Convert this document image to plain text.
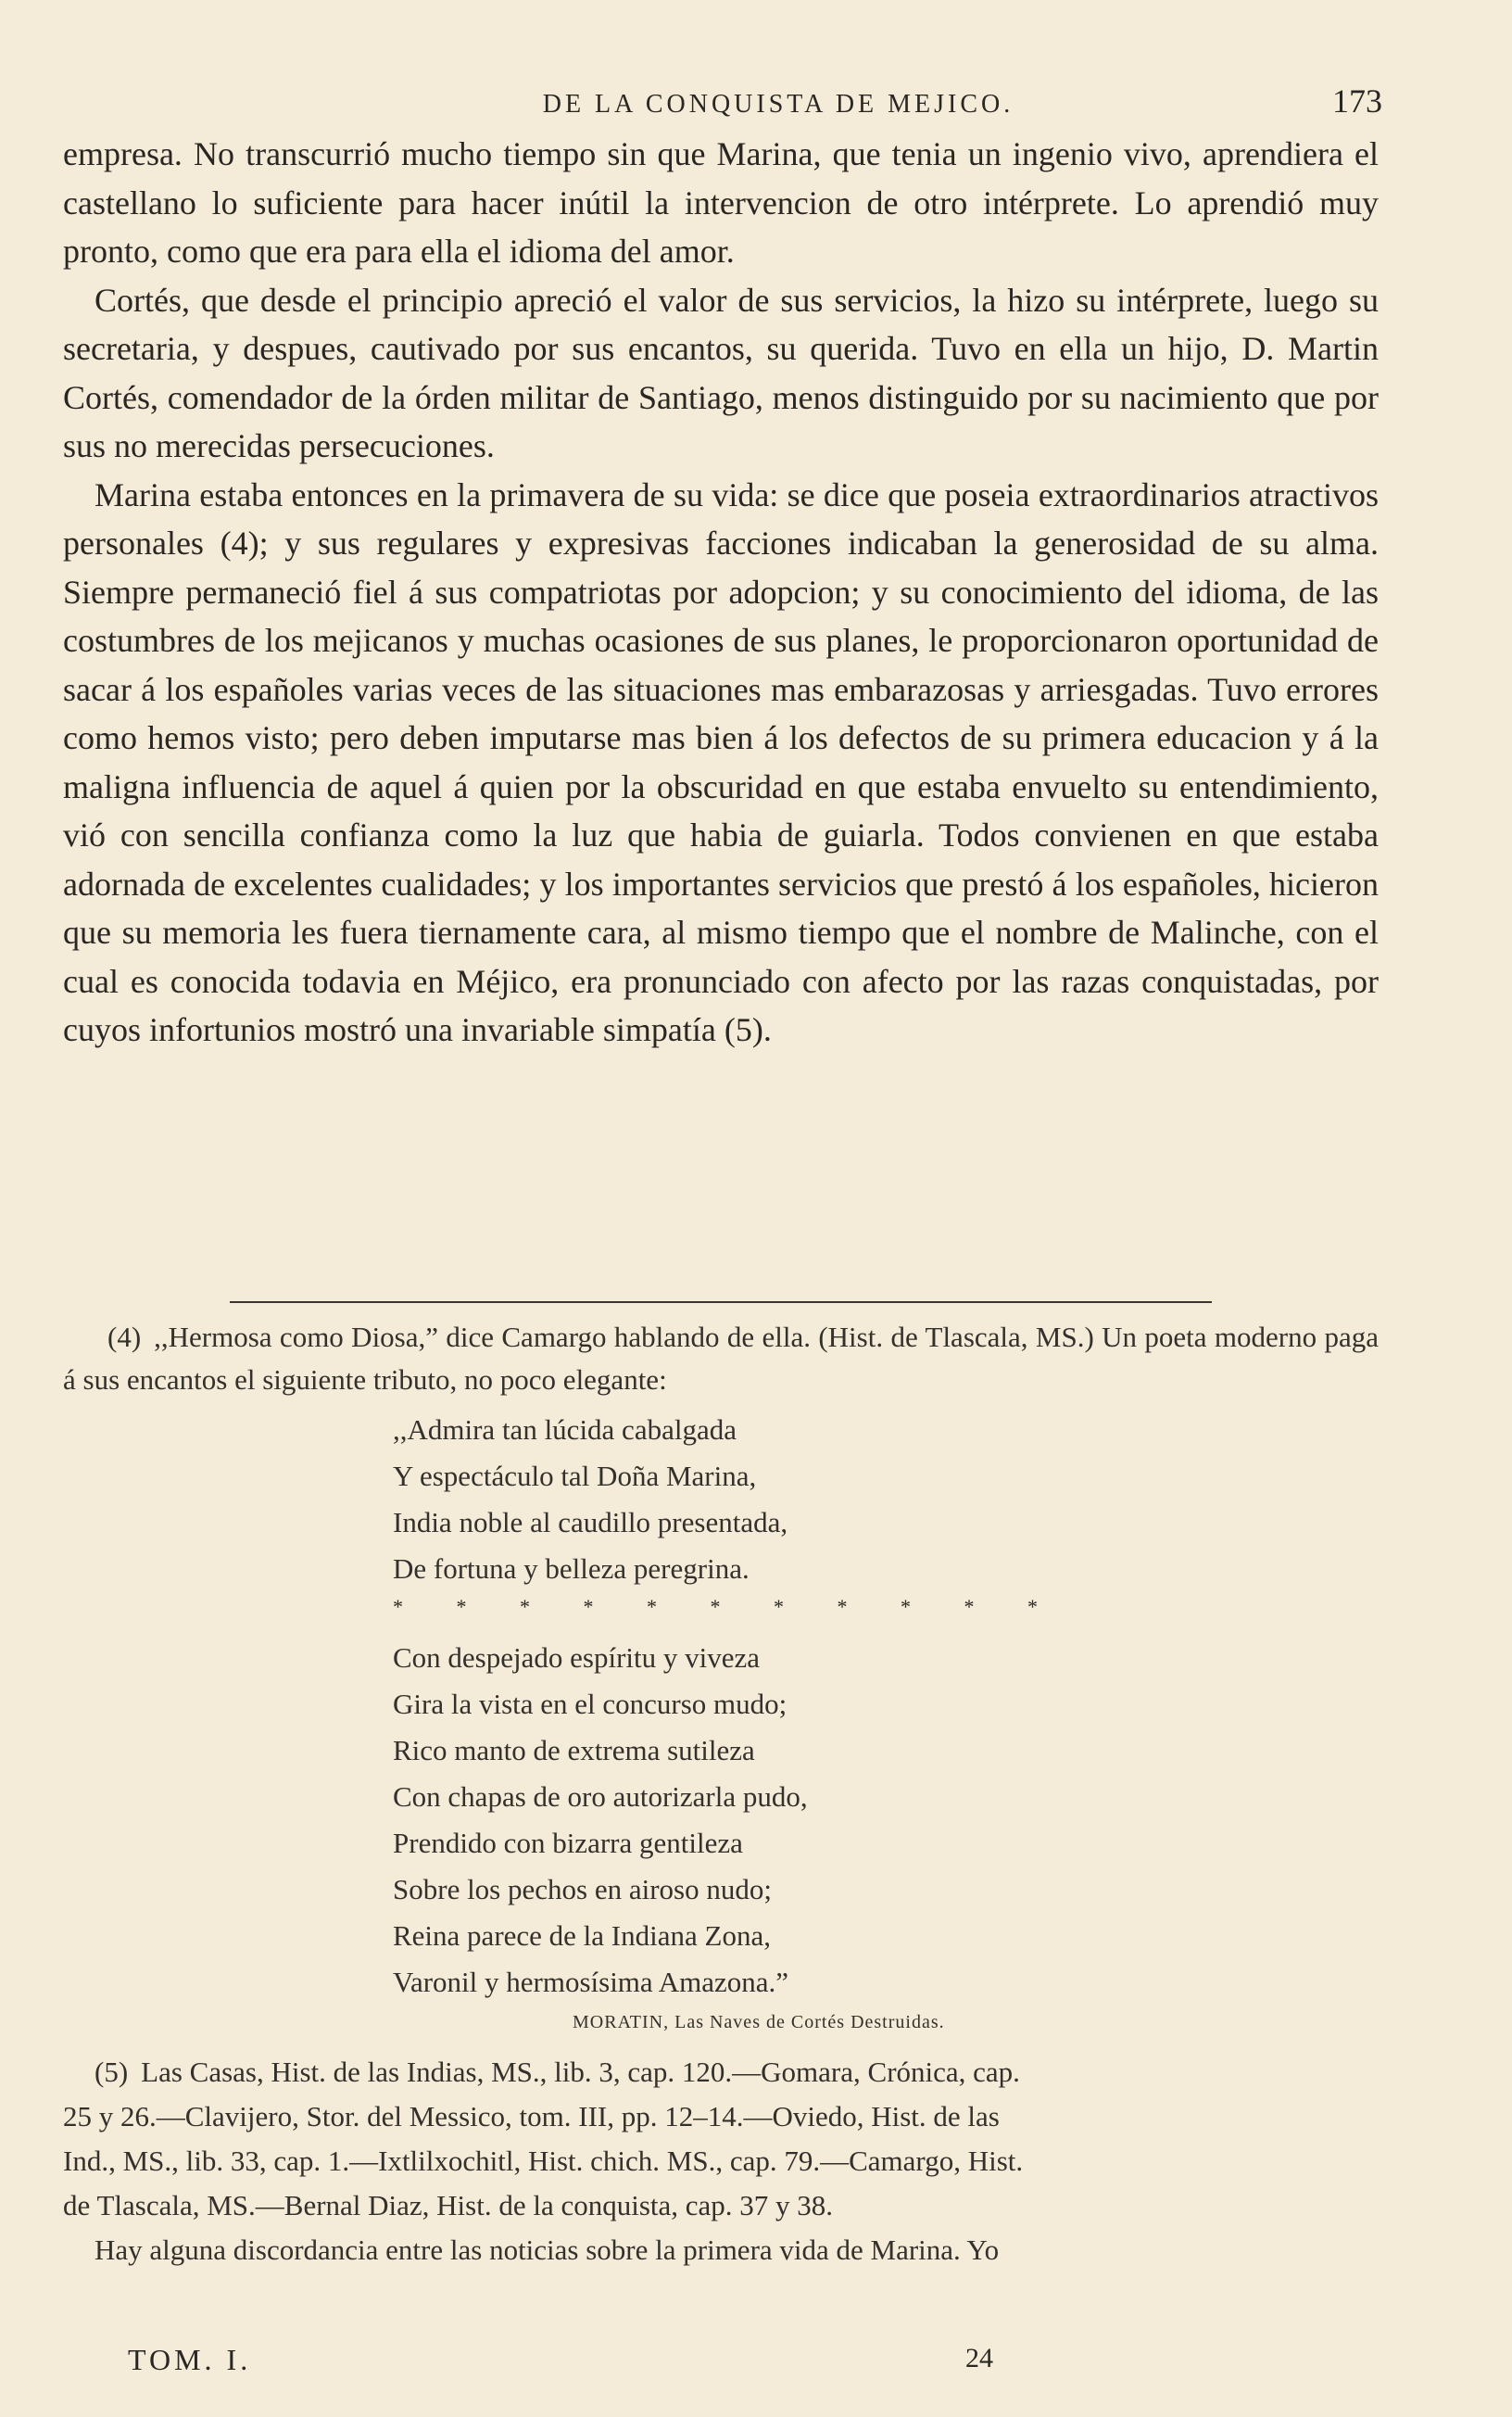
DE LA CONQUISTA DE MEJICO.	173

empresa. No transcurrió mucho tiempo sin que Marina, que tenia un ingenio vivo, aprendiera el castellano lo suficiente para hacer inútil la intervencion de otro intérprete. Lo aprendió muy pronto, como que era para ella el idioma del amor.

Cortés, que desde el principio apreció el valor de sus servicios, la hizo su intérprete, luego su secretaria, y despues, cautivado por sus encantos, su querida. Tuvo en ella un hijo, D. Martin Cortés, comendador de la órden militar de Santiago, menos distinguido por su nacimiento que por sus no merecidas persecuciones.

Marina estaba entonces en la primavera de su vida: se dice que poseia extraordinarios atractivos personales (4); y sus regulares y expresivas facciones indicaban la generosidad de su alma. Siempre permaneció fiel á sus compatriotas por adopcion; y su conocimiento del idioma, de las costumbres de los mejicanos y muchas ocasiones de sus planes, le proporcionaron oportunidad de sacar á los españoles varias veces de las situaciones mas embarazosas y arriesgadas. Tuvo errores como hemos visto; pero deben imputarse mas bien á los defectos de su primera educacion y á la maligna influencia de aquel á quien por la obscuridad en que estaba envuelto su entendimiento, vió con sencilla confianza como la luz que habia de guiarla. Todos convienen en que estaba adornada de excelentes cualidades; y los importantes servicios que prestó á los españoles, hicieron que su memoria les fuera tiernamente cara, al mismo tiempo que el nombre de Malinche, con el cual es conocida todavia en Méjico, era pronunciado con afecto por las razas conquistadas, por cuyos infortunios mostró una invariable simpatía (5).

(4) ,,Hermosa como Diosa,” dice Camargo hablando de ella. (Hist. de Tlascala, MS.) Un poeta moderno paga á sus encantos el siguiente tributo, no poco elegante:

,,Admira tan lúcida cabalgada
Y espectáculo tal Doña Marina,
India noble al caudillo presentada,
De fortuna y belleza peregrina.
* * * * * * * * * * *
Con despejado espíritu y viveza
Gira la vista en el concurso mudo;
Rico manto de extrema sutileza
Con chapas de oro autorizarla pudo,
Prendido con bizarra gentileza
Sobre los pechos en airoso nudo;
Reina parece de la Indiana Zona,
Varonil y hermosísima Amazona.”
MORATIN, Las Naves de Cortés Destruidas.
(5) Las Casas, Hist. de las Indias, MS., lib. 3, cap. 120.—Gomara, Crónica, cap.
25 y 26.—Clavijero, Stor. del Messico, tom. III, pp. 12–14.—Oviedo, Hist. de las
Ind., MS., lib. 33, cap. 1.—Ixtlilxochitl, Hist. chich. MS., cap. 79.—Camargo, Hist.
de Tlascala, MS.—Bernal Diaz, Hist. de la conquista, cap. 37 y 38.
Hay alguna discordancia entre las noticias sobre la primera vida de Marina. Yo
TOM. I.	24
